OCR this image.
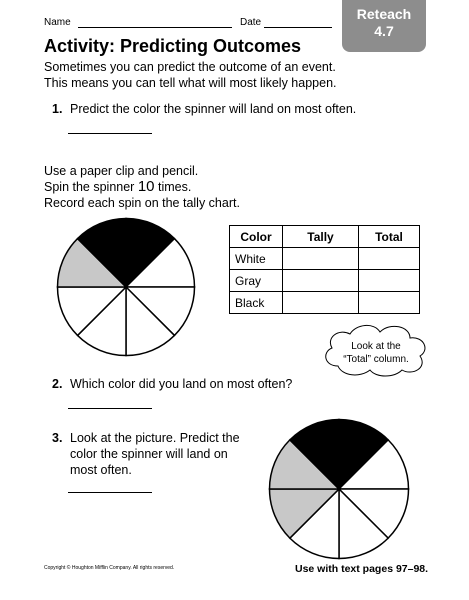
Name	Date
Reteach
4.7
Activity: Predicting Outcomes
Sometimes you can predict the outcome of an event.
This means you can tell what will most likely happen.
1. Predict the color the spinner will land on most often.
Use a paper clip and pencil.
Spin the spinner 10 times.
Record each spin on the tally chart.
Color	Tally	Total
White		
Gray		
Black		
Look at the
“Total” column.
2. Which color did you land on most often?
3. Look at the picture. Predict the
color the spinner will land on
most often.
Copyright © Houghton Mifflin Company. All rights reserved.	Use with text pages 97–98.
